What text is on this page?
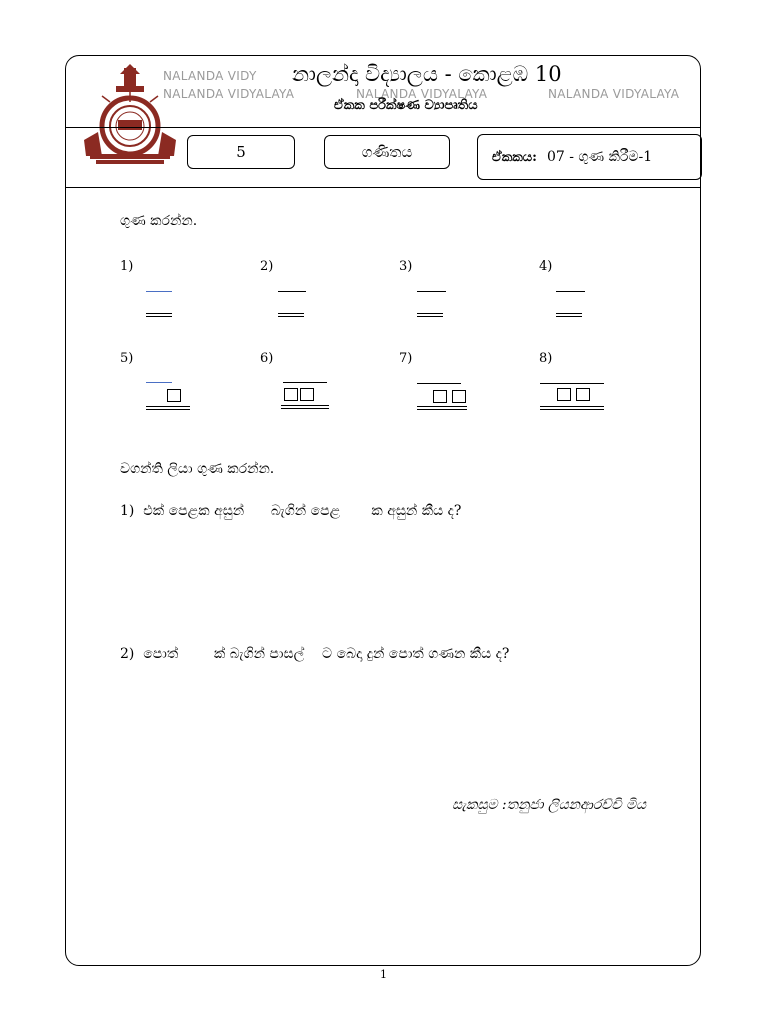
NALANDA VIDY
NALANDA VIDYALAYA	NALANDA VIDYALAYA	NALANDA VIDYALAYA
නාලන්දා විද්‍යාලය - කොළඹ 10
ඒකක පරීක්ෂණ ව්‍යාපෘතිය
5	ගණිතය	ඒකකය: 07 - ගුණ කිරීම-1
ගුණ කරන්න.
1)	2)	3)	4)
5)	6)	7)	8)
වගන්ති ලියා ගුණ කරන්න.
1)  එක් පෙළක අසුන්      බැගින් පෙළ       ක අසුන් කීය ද?
2)  පොත්        ක් බැගින් පාසල්    ට බෙදා දුන් පොත් ගණන කීය ද?
සැකසුම :තනුජා ලියනආරච්චි මිය
1
